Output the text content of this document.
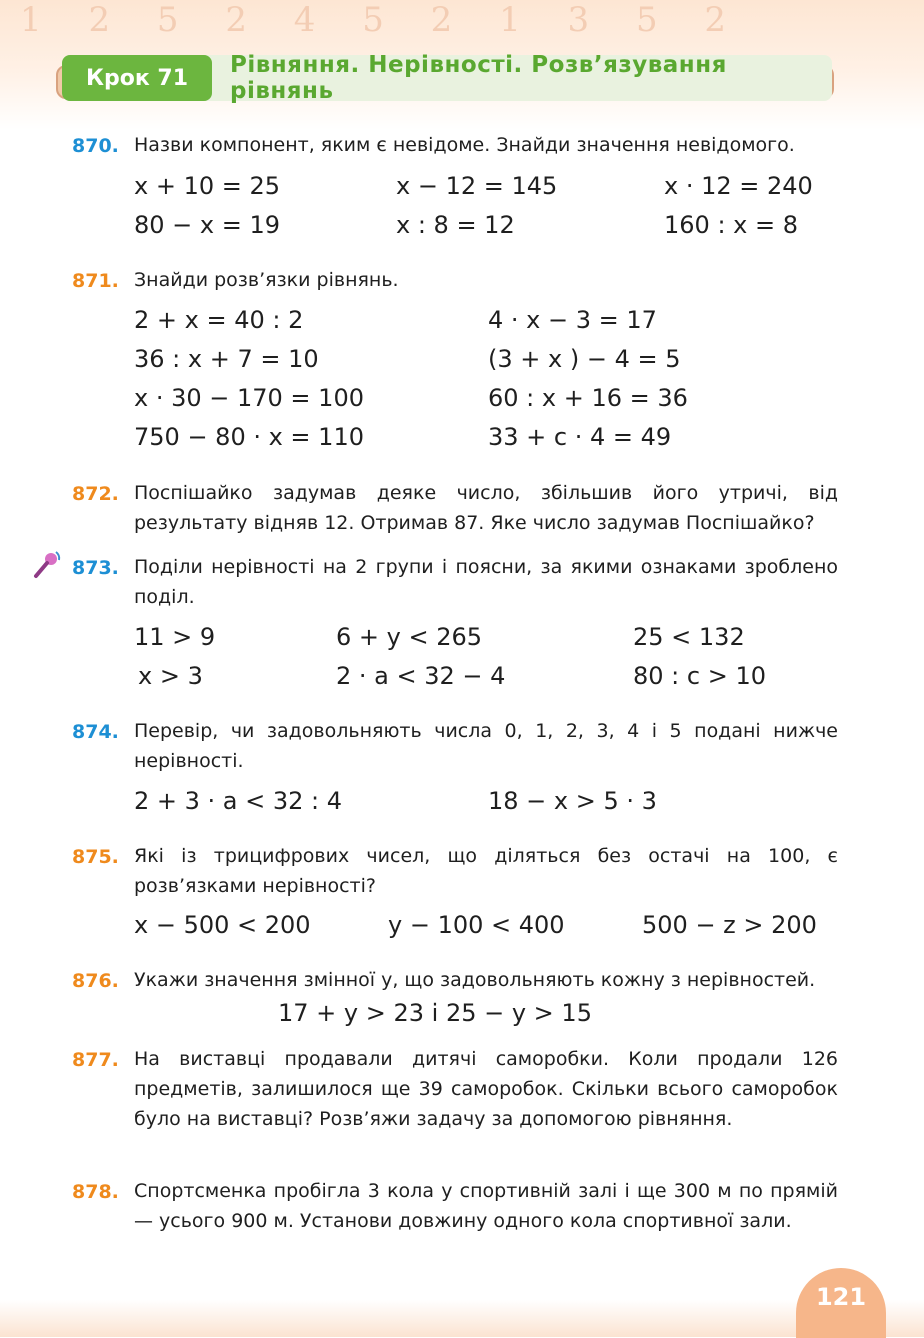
1 2 5 2 4 5 2 1 3 5 2
Крок 71	Рівняння. Нерівності. Розв’язування рівнянь
870. Назви компонент, яким є невідоме. Знайди значення невідомого.
x + 10 = 25	x − 12 = 145	x · 12 = 240
80 − x = 19	x : 8 = 12	160 : x = 8
871. Знайди розв’язки рівнянь.
2 + x = 40 : 2	4 · x − 3 = 17
36 : x + 7 = 10	(3 + x ) − 4 = 5
x · 30 − 170 = 100	60 : x + 16 = 36
750 − 80 · x = 110	33 + c · 4 = 49
872. Поспішайко задумав деяке число, збільшив його утричі, від результату відняв 12. Отримав 87. Яке число задумав Поспішайко?
873. Поділи нерівності на 2 групи і поясни, за якими ознаками зроблено поділ.
11 > 9	6 + y < 265	25 < 132
x > 3	2 · a < 32 − 4	80 : c > 10
874. Перевір, чи задовольняють числа 0, 1, 2, 3, 4 і 5 подані нижче нерівності.
2 + 3 · a < 32 : 4	18 − x > 5 · 3
875. Які із трицифрових чисел, що діляться без остачі на 100, є розв’язками нерівності?
x − 500 < 200	y − 100 < 400	500 − z > 200
876. Укажи значення змінної y, що задовольняють кожну з нерівностей.
17 + y > 23 і 25 − y > 15
877. На виставці продавали дитячі саморобки. Коли продали 126 предметів, залишилося ще 39 саморобок. Скільки всього саморобок було на виставці? Розв’яжи задачу за допомогою рівняння.
878. Спортсменка пробігла 3 кола у спортивній залі і ще 300 м по прямій — усього 900 м. Установи довжину одного кола спортивної зали.
121
